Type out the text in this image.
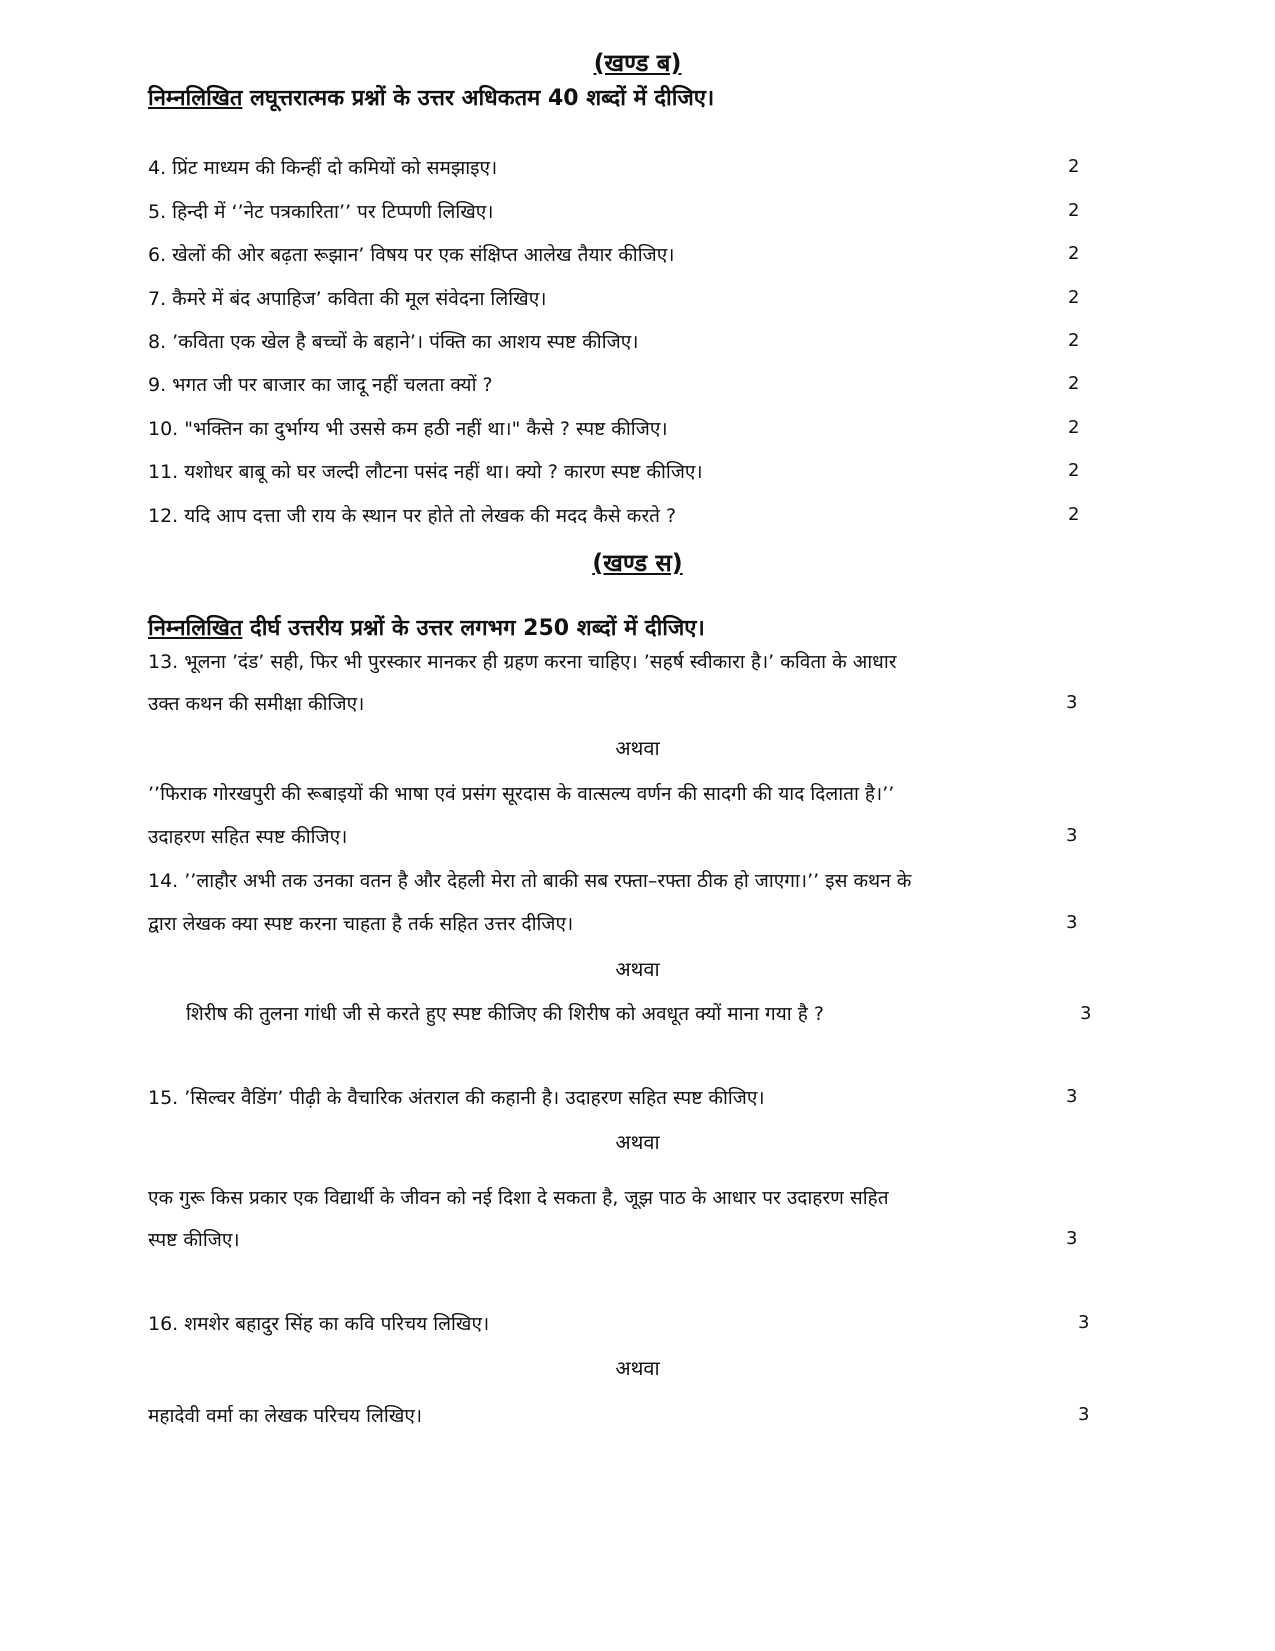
(खण्ड ब)
निम्नलिखित लघूत्तरात्मक प्रश्नों के उत्तर अधिकतम 40 शब्दों में दीजिए।
4. प्रिंट माध्यम की किन्हीं दो कमियों को समझाइए।	2
5. हिन्दी में ‘’नेट पत्रकारिता’’ पर टिप्पणी लिखिए।	2
6. खेलों की ओर बढ़ता रूझान’ विषय पर एक संक्षिप्त आलेख तैयार कीजिए।	2
7. कैमरे में बंद अपाहिज’ कविता की मूल संवेदना लिखिए।	2
8. ’कविता एक खेल है बच्चों के बहाने’। पंक्ति का आशय स्पष्ट कीजिए।	2
9. भगत जी पर बाजार का जादू नहीं चलता क्यों ?	2
10. "भक्तिन का दुर्भाग्य भी उससे कम हठी नहीं था।" कैसे ? स्पष्ट कीजिए।	2
11. यशोधर बाबू को घर जल्दी लौटना पसंद नहीं था। क्यो ? कारण स्पष्ट कीजिए।	2
12. यदि आप दत्ता जी राय के स्थान पर होते तो लेखक की मदद कैसे करते ?	2
(खण्ड स)
निम्नलिखित दीर्घ उत्तरीय प्रश्नों के उत्तर लगभग 250 शब्दों में दीजिए।
13. भूलना ’दंड’ सही, फिर भी पुरस्कार मानकर ही ग्रहण करना चाहिए। ’सहर्ष स्वीकारा है।’ कविता के आधार
उक्त कथन की समीक्षा कीजिए।	3
अथवा
’’फिराक गोरखपुरी की रूबाइयों की भाषा एवं प्रसंग सूरदास के वात्सल्य वर्णन की सादगी की याद दिलाता है।’’
उदाहरण सहित स्पष्ट कीजिए।	3
14. ’’लाहौर अभी तक उनका वतन है और देहली मेरा तो बाकी सब रफ्ता–रफ्ता ठीक हो जाएगा।’’ इस कथन के
द्वारा लेखक क्या स्पष्ट करना चाहता है तर्क सहित उत्तर दीजिए।	3
अथवा
शिरीष की तुलना गांधी जी से करते हुए स्पष्ट कीजिए की शिरीष को अवधूत क्यों माना गया है ?	3
15. ’सिल्वर वैडिंग’ पीढ़ी के वैचारिक अंतराल की कहानी है। उदाहरण सहित स्पष्ट कीजिए।	3
अथवा
एक गुरू किस प्रकार एक विद्यार्थी के जीवन को नई दिशा दे सकता है, जूझ पाठ के आधार पर उदाहरण सहित
स्पष्ट कीजिए।	3
16. शमशेर बहादुर सिंह का कवि परिचय लिखिए।	3
अथवा
महादेवी वर्मा का लेखक परिचय लिखिए।	3
